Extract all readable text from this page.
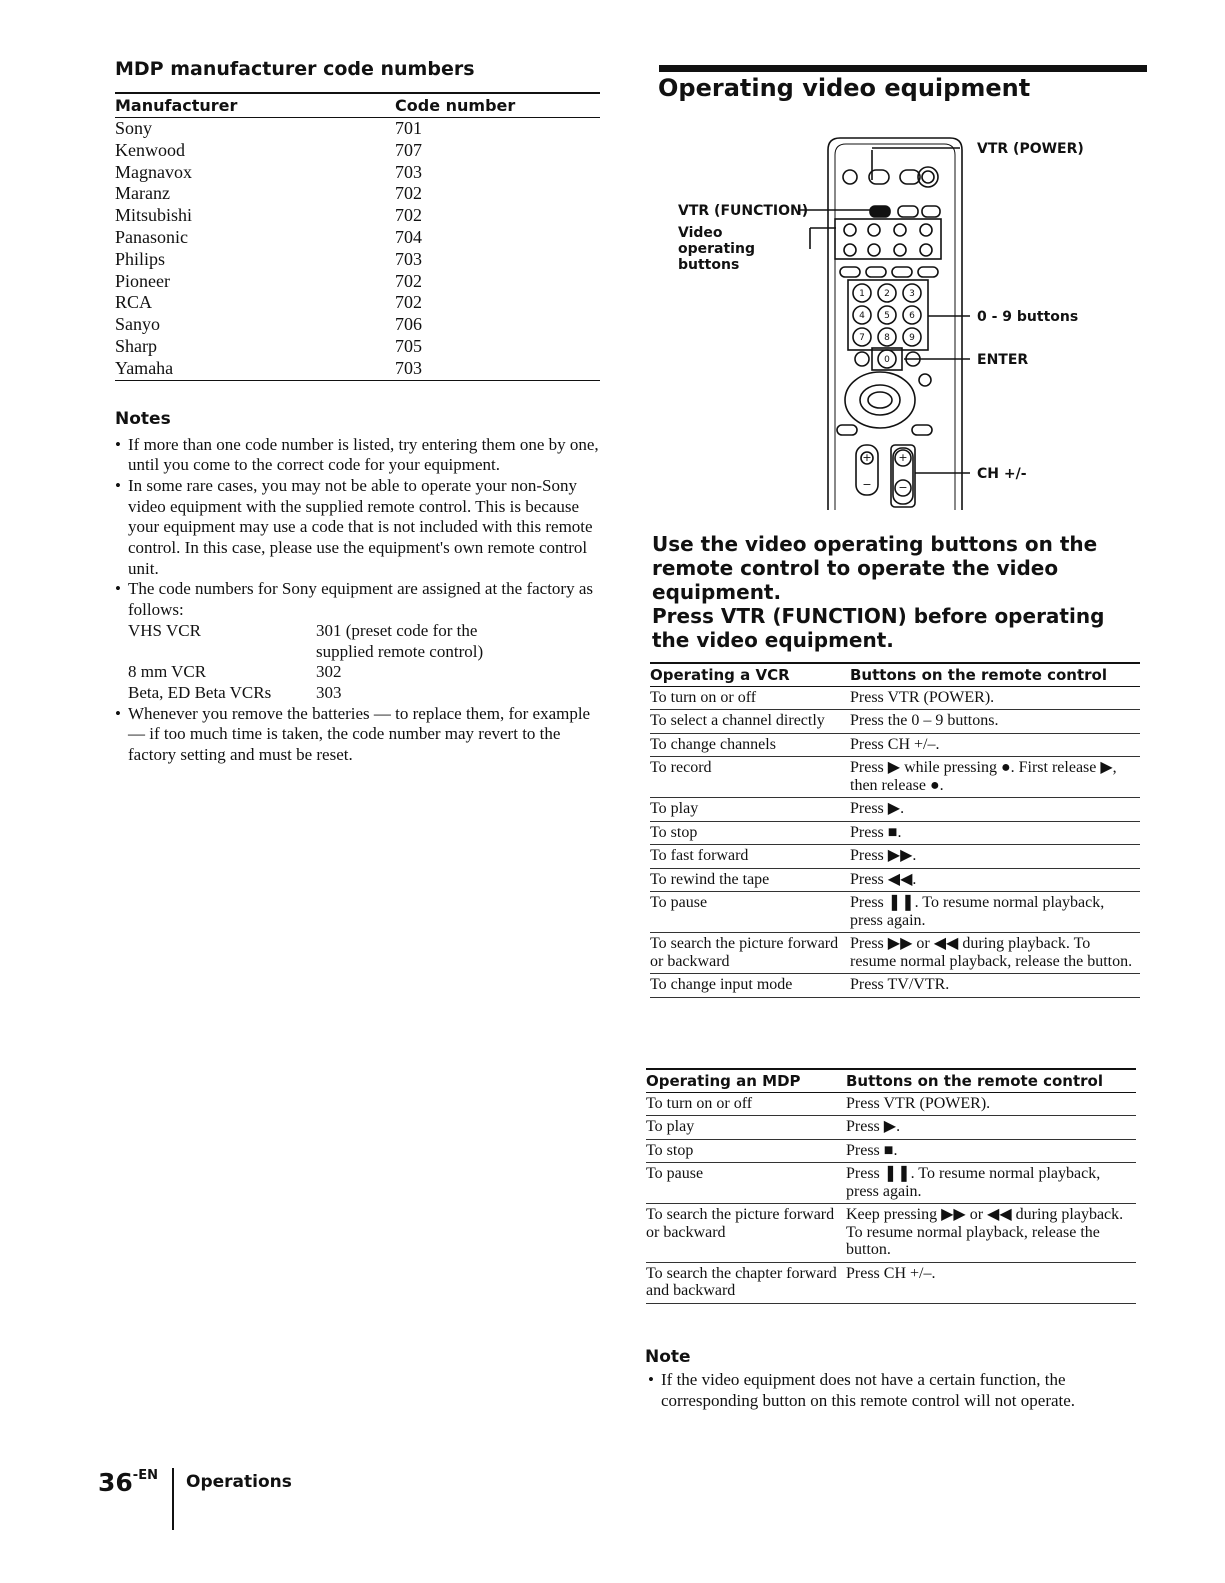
MDP manufacturer code numbers
Manufacturer	Code number
Sony	701
Kenwood	707
Magnavox	703
Maranz	702
Mitsubishi	702
Panasonic	704
Philips	703
Pioneer	702
RCA	702
Sanyo	706
Sharp	705
Yamaha	703
Notes
• If more than one code number is listed, try entering them one by one, until you come to the correct code for your equipment.
• In some rare cases, you may not be able to operate your non-Sony video equipment with the supplied remote control. This is because your equipment may use a code that is not included with this remote control. In this case, please use the equipment's own remote control unit.
• The code numbers for Sony equipment are assigned at the factory as follows:
VHS VCR	301 (preset code for the supplied remote control)
8 mm VCR	302
Beta, ED Beta VCRs	303
• Whenever you remove the batteries — to replace them, for example — if too much time is taken, the code number may revert to the factory setting and must be reset.
Operating video equipment
1 2 3
4 5 6
7 8 9
0
+
−
+
−
VTR (POWER)
VTR (FUNCTION)
Video operating buttons
0 - 9 buttons
ENTER
CH +/-

Use the video operating buttons on the remote control to operate the video equipment.

Press VTR (FUNCTION) before operating the video equipment.

Operating a VCR	Buttons on the remote control
To turn on or off	Press VTR (POWER).
To select a channel directly	Press the 0 – 9 buttons.
To change channels	Press CH +/–.
To record	Press ▶ while pressing ●. First release ▶, then release ●.
To play	Press ▶.
To stop	Press ■.
To fast forward	Press ▶▶.
To rewind the tape	Press ◀◀.
To pause	Press ❚❚. To resume normal playback, press again.
To search the picture forward or backward	Press ▶▶ or ◀◀ during playback. To resume normal playback, release the button.
To change input mode	Press TV/VTR.
Operating an MDP	Buttons on the remote control
To turn on or off	Press VTR (POWER).
To play	Press ▶.
To stop	Press ■.
To pause	Press ❚❚. To resume normal playback, press again.
To search the picture forward or backward	Keep pressing ▶▶ or ◀◀ during playback. To resume normal playback, release the button.
To search the chapter forward and backward	Press CH +/–.
Note
• If the video equipment does not have a certain function, the corresponding button on this remote control will not operate.
$36^{-EN}$ Operations
